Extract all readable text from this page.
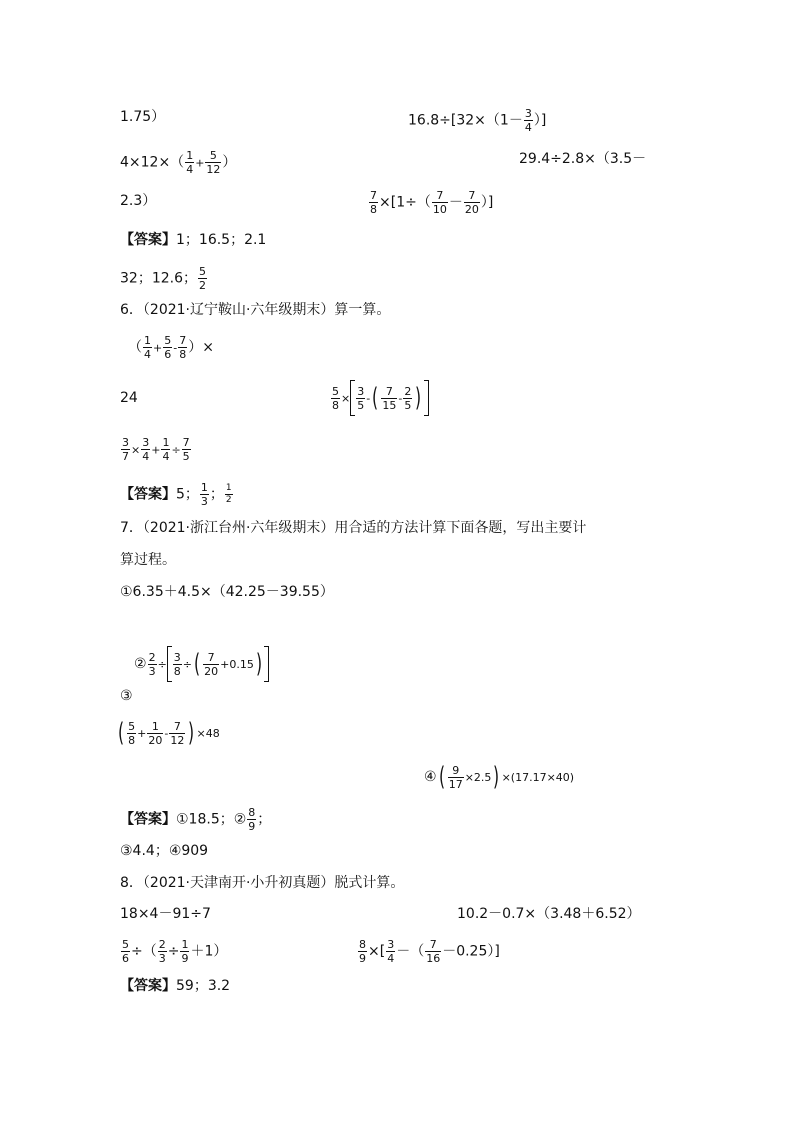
1.75）	$16.8\div[32\times(1- \frac{3}{4}$ ）]
$4\times 12\times( \frac{1}{4} + \frac{5}{12}$ ）	29.4÷2.8×（3.5－
2.3）	$\frac{7}{8} \times[1\div( \frac{7}{10} - \frac{7}{20}$ ）]
【答案】1；16.5；2.1
32；12.6； $\frac{5}{2}$
6．（2021·辽宁鞍山·六年级期末）算一算。
（ $\frac{1}{4} + \frac{5}{6} - \frac{7}{8}$ ）×
24	$\frac{5}{8} \times \frac{3}{5}$ -( $\frac{7}{15} - \frac{2}{5}$ )
$\frac{3}{7} \times \frac{3}{4} + \frac{1}{4} \div \frac{7}{5}$
【答案】5； $\frac{1}{3}$ ； $\frac{1}{2}$
7．（2021·浙江台州·六年级期末）用合适的方法计算下面各题，写出主要计
算过程。
①6.35＋4.5×（42.25－39.55）
② $\frac{2}{3} \div \frac{3}{8}$ ÷( $\frac{7}{20} +0.15$)
③
( $\frac{5}{8} + \frac{1}{20} - \frac{7}{12}$ ) ×48
④( $\frac{9}{17} \times 2.5) \times(17.17\times 40)$
【答案】①18.5；② $\frac{8}{9}$ ；
③4.4；④909
8．（2021·天津南开·小升初真题）脱式计算。
18×4－91÷7	10.2－0.7×（3.48＋6.52）
$\frac{5}{6}$ ÷（ $\frac{2}{3} \div \frac{1}{9} +1$）	$\frac{8}{9}$ ×[ $\frac{3}{4}$ －（ $\frac{7}{16} -0.25$）]
【答案】59；3.2
